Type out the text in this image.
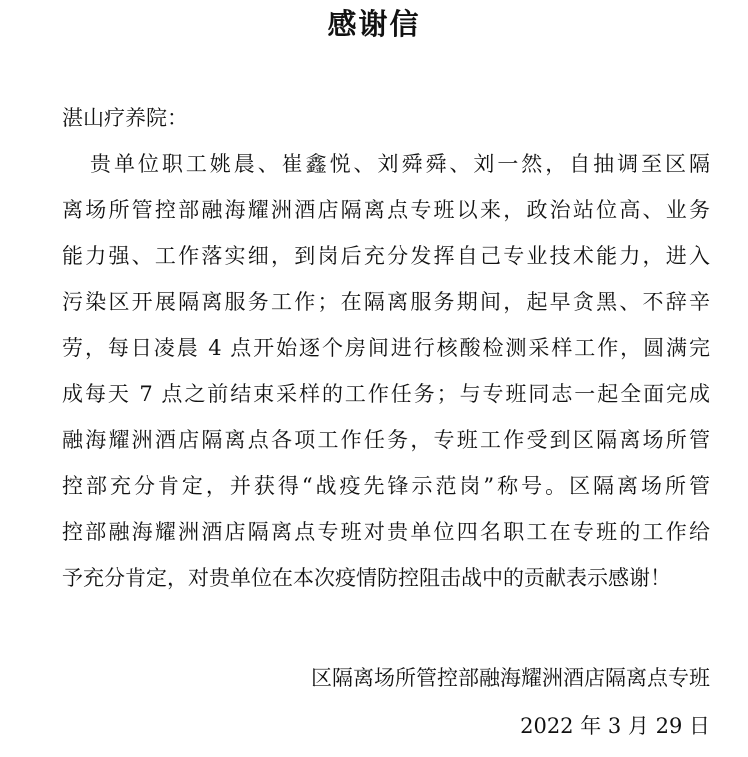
感谢信
湛山疗养院：
贵单位职工姚晨、崔鑫悦、刘舜舜、刘一然，自抽调至区隔
离场所管控部融海耀洲酒店隔离点专班以来，政治站位高、业务
能力强、工作落实细，到岗后充分发挥自己专业技术能力，进入
污染区开展隔离服务工作；在隔离服务期间，起早贪黑、不辞辛
劳，每日凌晨 4 点开始逐个房间进行核酸检测采样工作，圆满完
成每天 7 点之前结束采样的工作任务；与专班同志一起全面完成
融海耀洲酒店隔离点各项工作任务，专班工作受到区隔离场所管
控部充分肯定，并获得“战疫先锋示范岗”称号。区隔离场所管
控部融海耀洲酒店隔离点专班对贵单位四名职工在专班的工作给
予充分肯定，对贵单位在本次疫情防控阻击战中的贡献表示感谢！
区隔离场所管控部融海耀洲酒店隔离点专班
2022 年 3 月 29 日
